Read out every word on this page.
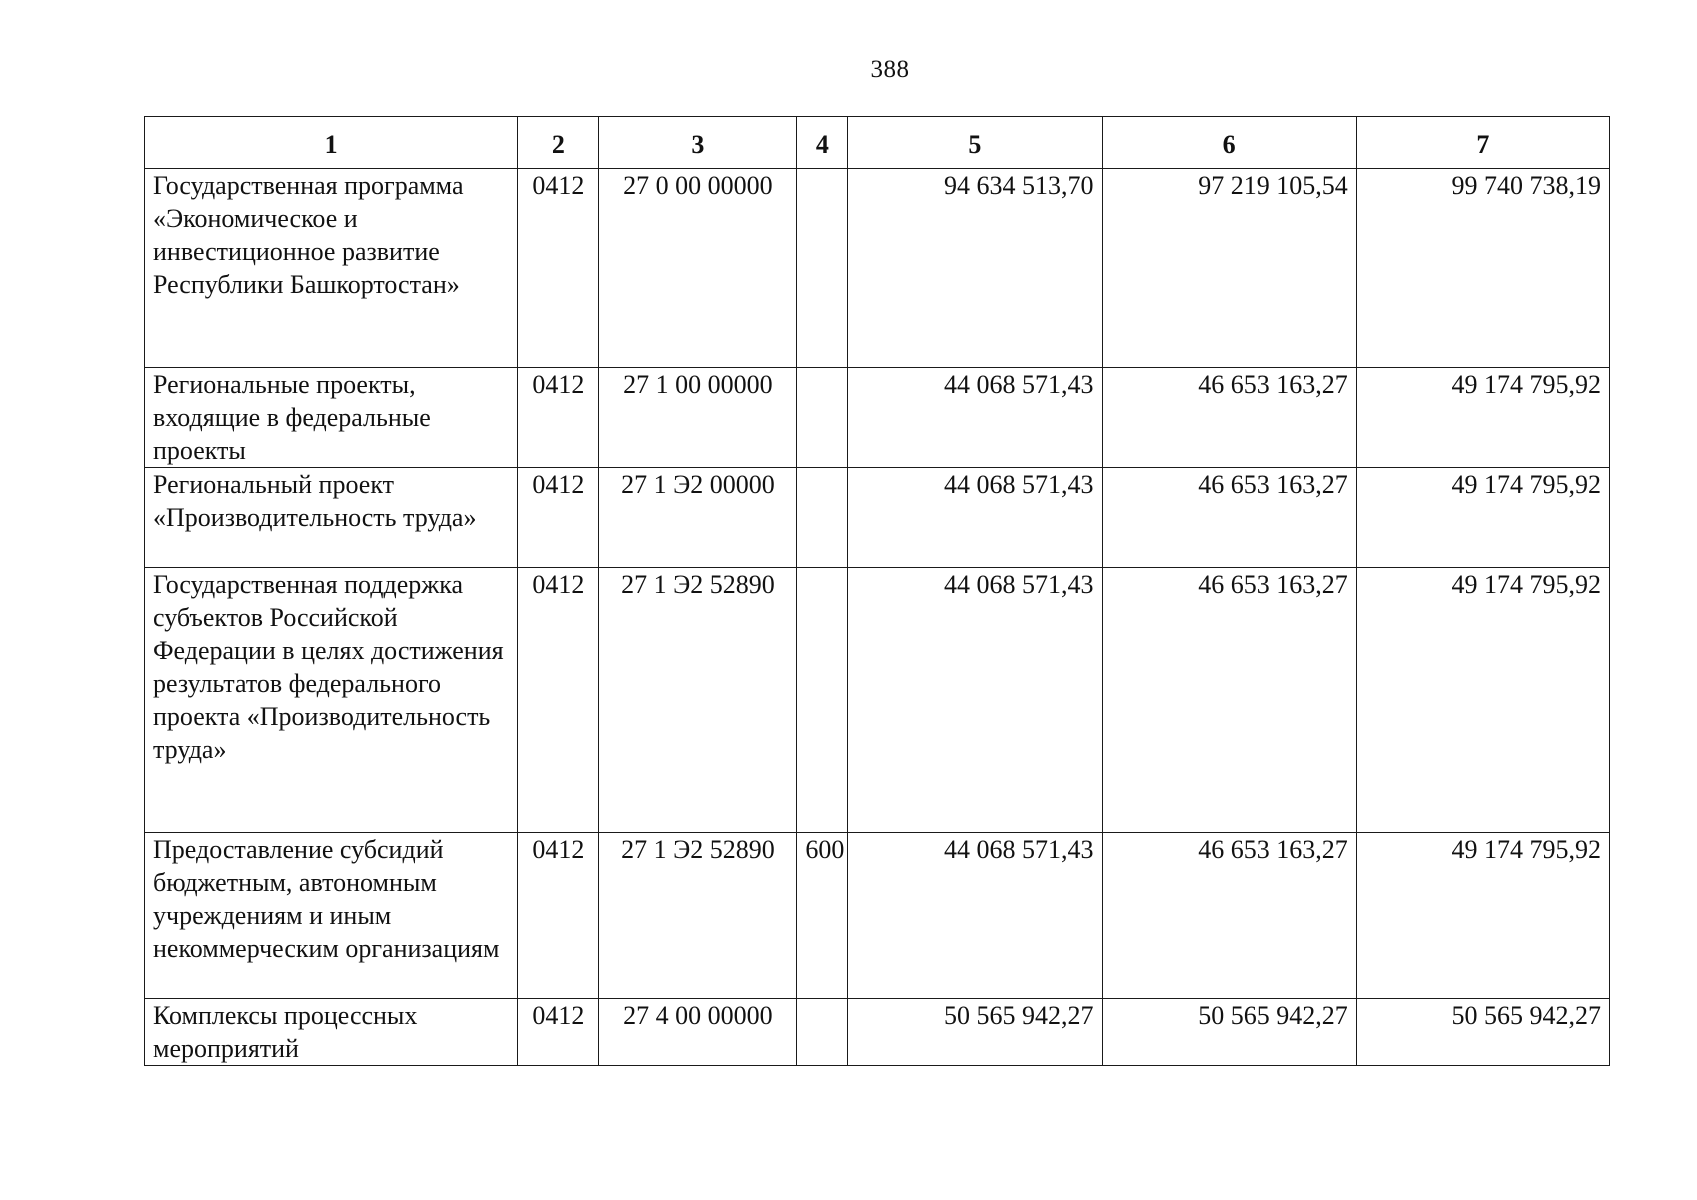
388
1	2	3	4	5	6	7
Государственная программа «Экономическое и инвестиционное развитие Республики Башкортостан»	0412	27 0 00 00000		94 634 513,70	97 219 105,54	99 740 738,19
Региональные проекты, входящие в федеральные проекты	0412	27 1 00 00000		44 068 571,43	46 653 163,27	49 174 795,92
Региональный проект «Производительность труда»	0412	27 1 Э2 00000		44 068 571,43	46 653 163,27	49 174 795,92
Государственная поддержка субъектов Российской Федерации в целях достижения результатов федерального проекта «Производительность труда»	0412	27 1 Э2 52890		44 068 571,43	46 653 163,27	49 174 795,92
Предоставление субсидий бюджетным, автономным учреждениям и иным некоммерческим организациям	0412	27 1 Э2 52890	600	44 068 571,43	46 653 163,27	49 174 795,92
Комплексы процессных мероприятий	0412	27 4 00 00000		50 565 942,27	50 565 942,27	50 565 942,27
